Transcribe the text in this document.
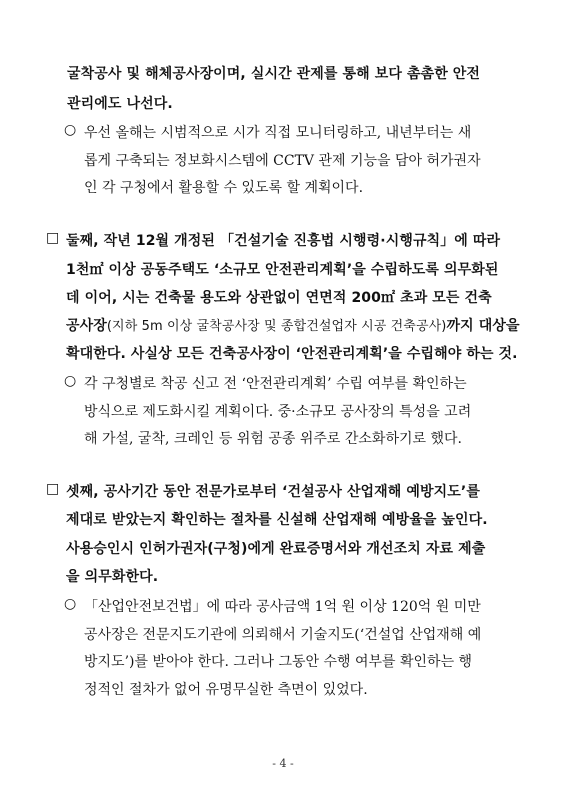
굴착공사 및 해체공사장이며, 실시간 관제를 통해 보다 촘촘한 안전
관리에도 나선다.
○ 우선 올해는 시범적으로 시가 직접 모니터링하고, 내년부터는 새
롭게 구축되는 정보화시스템에 CCTV 관제 기능을 담아 허가권자
인 각 구청에서 활용할 수 있도록 할 계획이다.
□ 둘째, 작년 12월 개정된 「건설기술 진흥법 시행령·시행규칙」에 따라
1천㎡ 이상 공동주택도 ‘소규모 안전관리계획’을 수립하도록 의무화된
데 이어, 시는 건축물 용도와 상관없이 연면적 200㎡ 초과 모든 건축
공사장(지하 5m 이상 굴착공사장 및 종합건설업자 시공 건축공사)까지 대상을
확대한다. 사실상 모든 건축공사장이 ‘안전관리계획’을 수립해야 하는 것.
○ 각 구청별로 착공 신고 전 ‘안전관리계획’ 수립 여부를 확인하는
방식으로 제도화시킬 계획이다. 중·소규모 공사장의 특성을 고려
해 가설, 굴착, 크레인 등 위험 공종 위주로 간소화하기로 했다.
□ 셋째, 공사기간 동안 전문가로부터 ‘건설공사 산업재해 예방지도’를
제대로 받았는지 확인하는 절차를 신설해 산업재해 예방율을 높인다.
사용승인시 인허가권자(구청)에게 완료증명서와 개선조치 자료 제출
을 의무화한다.
○ 「산업안전보건법」에 따라 공사금액 1억 원 이상 120억 원 미만
공사장은 전문지도기관에 의뢰해서 기술지도(‘건설업 산업재해 예
방지도’)를 받아야 한다. 그러나 그동안 수행 여부를 확인하는 행
정적인 절차가 없어 유명무실한 측면이 있었다.
- 4 -
